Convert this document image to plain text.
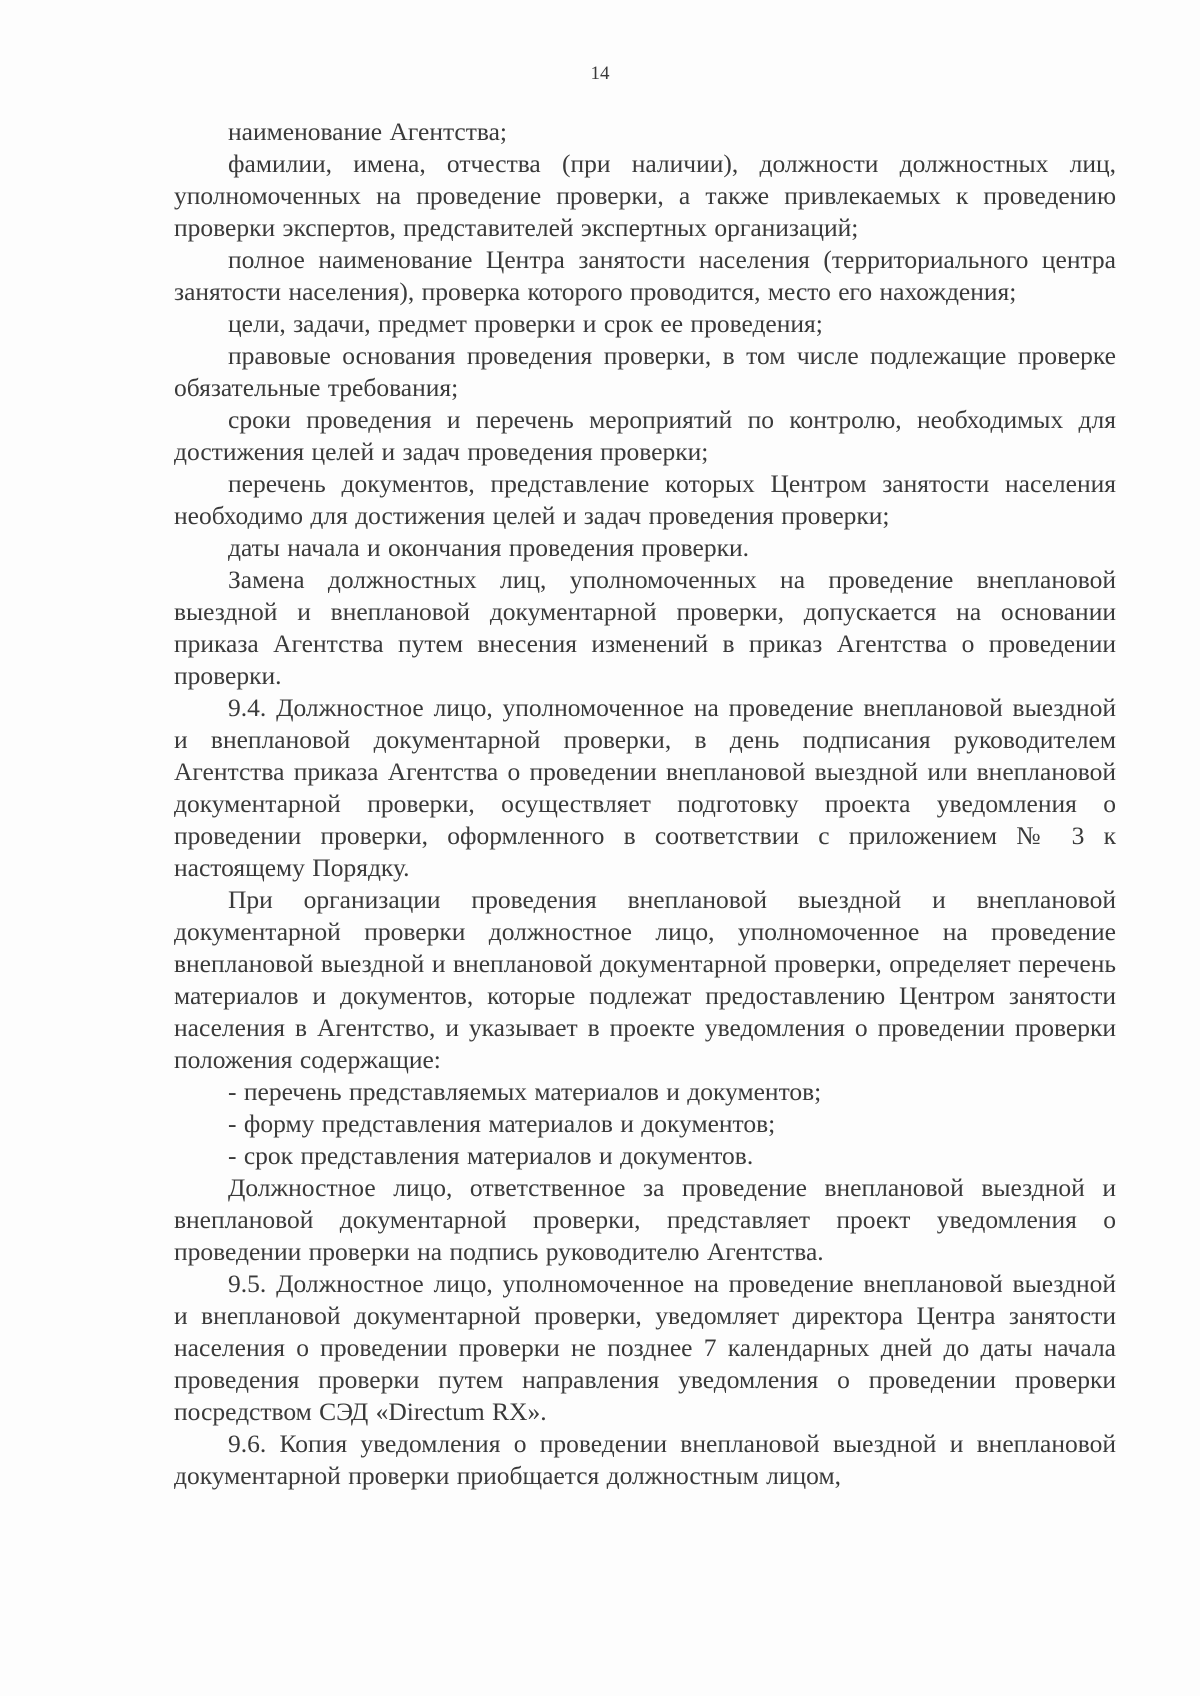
14

наименование Агентства;

фамилии, имена, отчества (при наличии), должности должностных лиц, уполномоченных на проведение проверки, а также привлекаемых к проведению проверки экспертов, представителей экспертных организаций;

полное наименование Центра занятости населения (территориального центра занятости населения), проверка которого проводится, место его нахождения;

цели, задачи, предмет проверки и срок ее проведения;

правовые основания проведения проверки, в том числе подлежащие проверке обязательные требования;

сроки проведения и перечень мероприятий по контролю, необходимых для достижения целей и задач проведения проверки;

перечень документов, представление которых Центром занятости населения необходимо для достижения целей и задач проведения проверки;

даты начала и окончания проведения проверки.

Замена должностных лиц, уполномоченных на проведение внеплановой выездной и внеплановой документарной проверки, допускается на основании приказа Агентства путем внесения изменений в приказ Агентства о проведении проверки.

9.4. Должностное лицо, уполномоченное на проведение внеплановой выездной и внеплановой документарной проверки, в день подписания руководителем Агентства приказа Агентства о проведении внеплановой выездной или внеплановой документарной проверки, осуществляет подготовку проекта уведомления о проведении проверки, оформленного в соответствии с приложением № 3 к настоящему Порядку.

При организации проведения внеплановой выездной и внеплановой документарной проверки должностное лицо, уполномоченное на проведение внеплановой выездной и внеплановой документарной проверки, определяет перечень материалов и документов, которые подлежат предоставлению Центром занятости населения в Агентство, и указывает в проекте уведомления о проведении проверки положения содержащие:

- перечень представляемых материалов и документов;

- форму представления материалов и документов;

- срок представления материалов и документов.

Должностное лицо, ответственное за проведение внеплановой выездной и внеплановой документарной проверки, представляет проект уведомления о проведении проверки на подпись руководителю Агентства.

9.5. Должностное лицо, уполномоченное на проведение внеплановой выездной и внеплановой документарной проверки, уведомляет директора Центра занятости населения о проведении проверки не позднее 7 календарных дней до даты начала проведения проверки путем направления уведомления о проведении проверки посредством СЭД «Directum RX».

9.6. Копия уведомления о проведении внеплановой выездной и внеплановой документарной проверки приобщается должностным лицом,
